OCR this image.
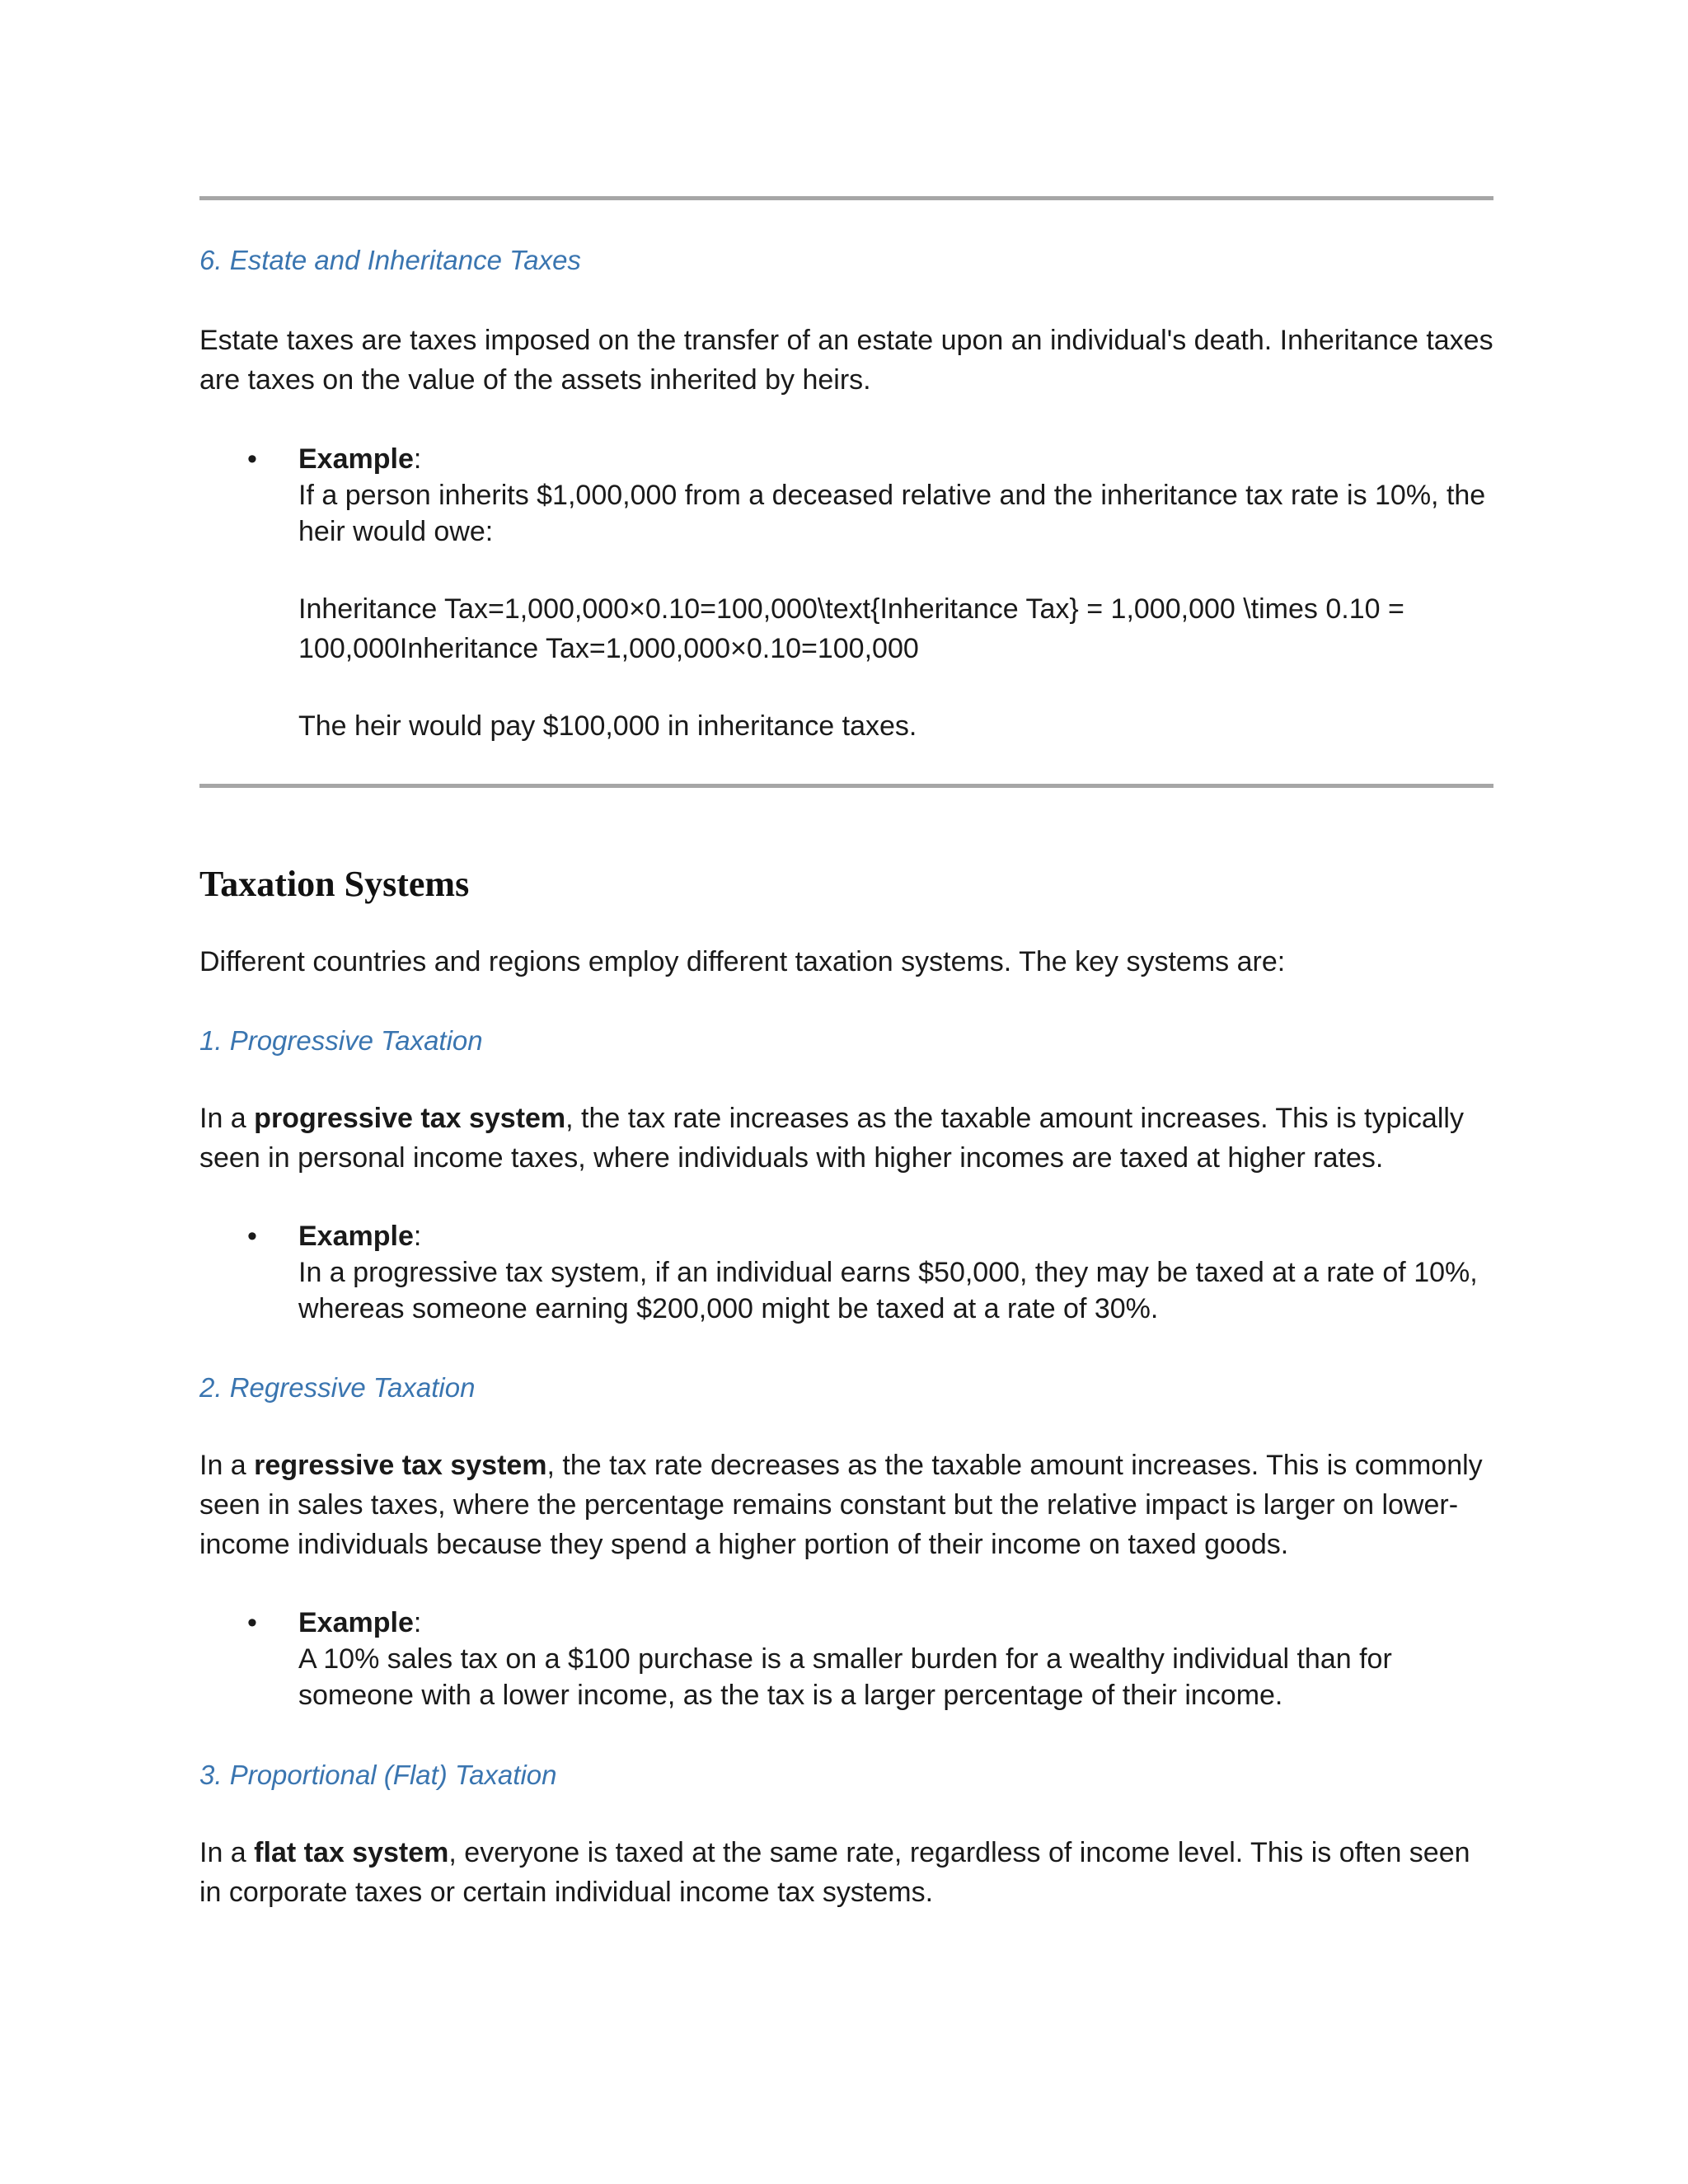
6. Estate and Inheritance Taxes
Estate taxes are taxes imposed on the transfer of an estate upon an individual's death. Inheritance taxes are taxes on the value of the assets inherited by heirs.
• Example:
If a person inherits $1,000,000 from a deceased relative and the inheritance tax rate is 10%, the heir would owe:
Inheritance Tax=1,000,000×0.10=100,000\text{Inheritance Tax} = 1,000,000 \times 0.10 = 100,000Inheritance Tax=1,000,000×0.10=100,000
The heir would pay $100,000 in inheritance taxes.
Taxation Systems
Different countries and regions employ different taxation systems. The key systems are:
1. Progressive Taxation
In a progressive tax system, the tax rate increases as the taxable amount increases. This is typically seen in personal income taxes, where individuals with higher incomes are taxed at higher rates.
• Example:
In a progressive tax system, if an individual earns $50,000, they may be taxed at a rate of 10%, whereas someone earning $200,000 might be taxed at a rate of 30%.
2. Regressive Taxation
In a regressive tax system, the tax rate decreases as the taxable amount increases. This is commonly seen in sales taxes, where the percentage remains constant but the relative impact is larger on lower-income individuals because they spend a higher portion of their income on taxed goods.
• Example:
A 10% sales tax on a $100 purchase is a smaller burden for a wealthy individual than for someone with a lower income, as the tax is a larger percentage of their income.
3. Proportional (Flat) Taxation
In a flat tax system, everyone is taxed at the same rate, regardless of income level. This is often seen in corporate taxes or certain individual income tax systems.
